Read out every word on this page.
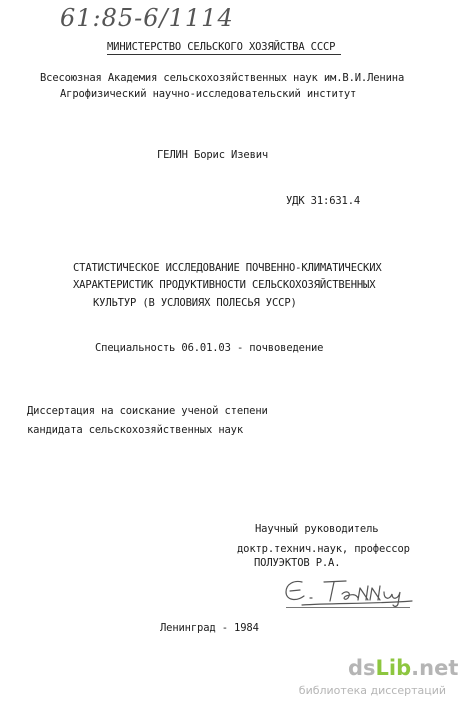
61:85-6/1114
МИНИСТЕРСТВО СЕЛЬСКОГО ХОЗЯЙСТВА СССР
Всесоюзная Академия сельскохозяйственных наук им.В.И.Ленина
Агрофизический научно-исследовательский институт
ГЕЛИН Борис Изевич
УДК 31:631.4
СТАТИСТИЧЕСКОЕ ИССЛЕДОВАНИЕ ПОЧВЕННО-КЛИМАТИЧЕСКИХ
ХАРАКТЕРИСТИК ПРОДУКТИВНОСТИ СЕЛЬСКОХОЗЯЙСТВЕННЫХ
КУЛЬТУР (В УСЛОВИЯХ ПОЛЕСЬЯ УССР)
Специальность 06.01.03 - почвоведение
Диссертация на соискание ученой степени
кандидата сельскохозяйственных наук
Научный руководитель
доктр.технич.наук, профессор
ПОЛУЭКТОВ Р.А.
Ленинград - 1984
dsLib.net
библиотека диссертаций
